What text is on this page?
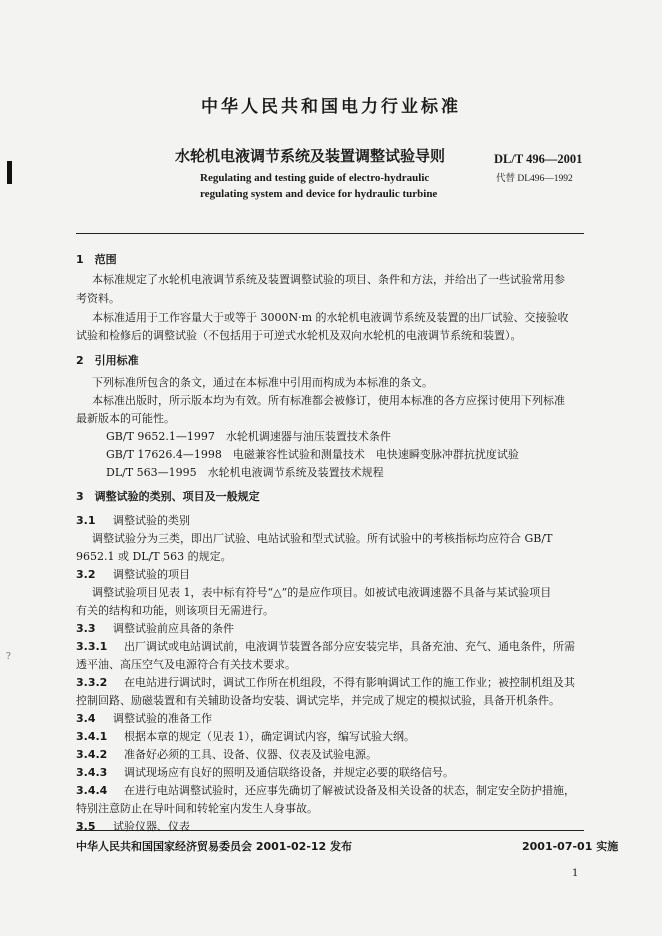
?
中华人民共和国电力行业标准
水轮机电液调节系统及装置调整试验导则	DL/T 496—2001
代替 DL496—1992
Regulating and testing guide of electro-hydraulic
regulating system and device for hydraulic turbine
1　范围
本标准规定了水轮机电液调节系统及装置调整试验的项目、条件和方法，并给出了一些试验常用参
考资料。
本标准适用于工作容量大于或等于 3000N·m 的水轮机电液调节系统及装置的出厂试验、交接验收
试验和检修后的调整试验（不包括用于可逆式水轮机及双向水轮机的电液调节系统和装置）。
2　引用标准
下列标准所包含的条文，通过在本标准中引用而构成为本标准的条文。
本标准出版时，所示版本均为有效。所有标准都会被修订，使用本标准的各方应探讨使用下列标准
最新版本的可能性。
GB/T 9652.1—1997　水轮机调速器与油压装置技术条件
GB/T 17626.4—1998　电磁兼容性试验和测量技术　电快速瞬变脉冲群抗扰度试验
DL/T 563—1995　水轮机电液调节系统及装置技术规程
3　调整试验的类别、项目及一般规定
3.1 调整试验的类别
调整试验分为三类，即出厂试验、电站试验和型式试验。所有试验中的考核指标均应符合 GB/T
9652.1 或 DL/T 563 的规定。
3.2 调整试验的项目
调整试验项目见表 1，表中标有符号“△”的是应作项目。如被试电液调速器不具备与某试验项目
有关的结构和功能，则该项目无需进行。
3.3 调整试验前应具备的条件
3.3.1 出厂调试或电站调试前，电液调节装置各部分应安装完毕，具备充油、充气、通电条件，所需
透平油、高压空气及电源符合有关技术要求。
3.3.2 在电站进行调试时，调试工作所在机组段，不得有影响调试工作的施工作业；被控制机组及其
控制回路、励磁装置和有关辅助设备均安装、调试完毕，并完成了规定的模拟试验，具备开机条件。
3.4 调整试验的准备工作
3.4.1 根据本章的规定（见表 1），确定调试内容，编写试验大纲。
3.4.2 准备好必须的工具、设备、仪器、仪表及试验电源。
3.4.3 调试现场应有良好的照明及通信联络设备，并规定必要的联络信号。
3.4.4 在进行电站调整试验时，还应事先确切了解被试设备及相关设备的状态，制定安全防护措施，
特别注意防止在导叶间和转轮室内发生人身事故。
3.5 试验仪器、仪表
中华人民共和国国家经济贸易委员会 2001-02-12 发布	2001-07-01 实施
1
